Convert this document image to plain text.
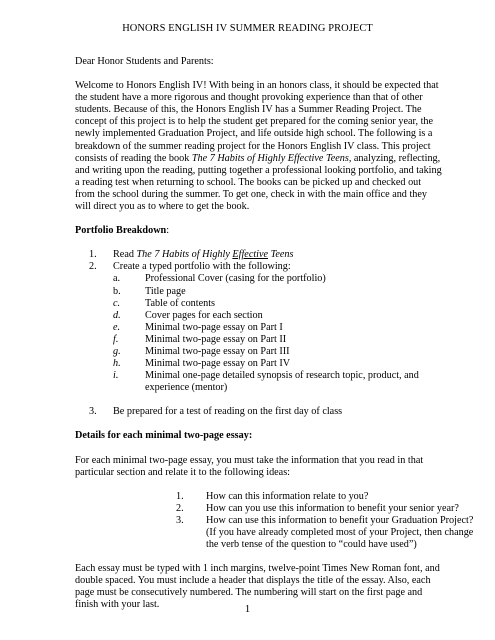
HONORS ENGLISH IV SUMMER READING PROJECT

Dear Honor Students and Parents:

Welcome to Honors English IV! With being in an honors class, it should be expected that
the student have a more rigorous and thought provoking experience than that of other
students. Because of this, the Honors English IV has a Summer Reading Project. The
concept of this project is to help the student get prepared for the coming senior year, the
newly implemented Graduation Project, and life outside high school. The following is a
breakdown of the summer reading project for the Honors English IV class. This project
consists of reading the book The 7 Habits of Highly Effective Teens, analyzing, reflecting,
and writing upon the reading, putting together a professional looking portfolio, and taking
a reading test when returning to school. The books can be picked up and checked out
from the school during the summer. To get one, check in with the main office and they
will direct you as to where to get the book.

Portfolio Breakdown:

1. Read The 7 Habits of Highly Effective Teens
2. Create a typed portfolio with the following:
a. Professional Cover (casing for the portfolio)
b. Title page
c. Table of contents
d. Cover pages for each section
e. Minimal two-page essay on Part I
f.	Minimal two-page essay on Part II
g. Minimal two-page essay on Part III
h. Minimal two-page essay on Part IV
i.	Minimal one-page detailed synopsis of research topic, product, and
experience (mentor)
3. Be prepared for a test of reading on the first day of class

Details for each minimal two-page essay:

For each minimal two-page essay, you must take the information that you read in that
particular section and relate it to the following ideas:
1. How can this information relate to you?
2. How can you use this information to benefit your senior year?
3. How can use this information to benefit your Graduation Project?
(If you have already completed most of your Project, then change
the verb tense of the question to “could have used”)
Each essay must be typed with 1 inch margins, twelve-point Times New Roman font, and
double spaced. You must include a header that displays the title of the essay. Also, each
page must be consecutively numbered. The numbering will start on the first page and
finish with your last.	1
